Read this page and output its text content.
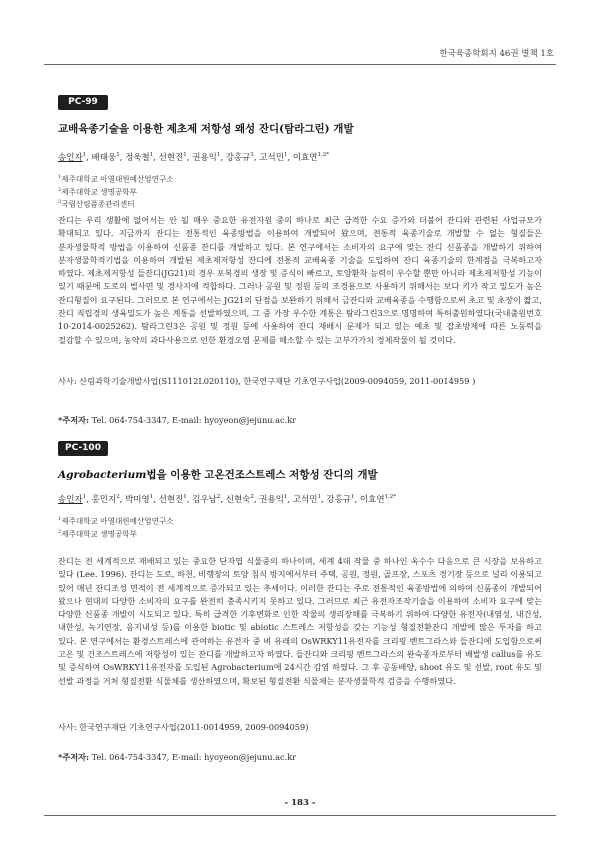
한국육종학회지 46권 별책 1호
PC-99
교배육종기술을 이용한 제초제 저항성 왜성 잔디(탐라그린) 개발
송인자$^1$, 배태웅$^1$, 정욱철$^1$, 선현진$^1$, 권용익$^1$, 강홍규$^1$, 고석민$^1$, 이효연$^{1,2*}$
$^1$제주대학교 아열대원예산업연구소
$^2$제주대학교 생명공학부
$^3$국립산림품종관리센터
잔디는 우리 생활에 없어서는 안 될 매우 중요한 유전자원 중의 하나로 최근 급격한 수요 증가와 더불어 잔디와 관련된 사업규모가 확대되고 있다. 지금까지 잔디는 전통적인 육종방법을 이용하여 개발되어 왔으며, 전통적 육종기술로 개발할 수 없는 형질들은 분자생물학적 방법을 이용하여 신품종 잔디를 개발하고 있다. 본 연구에서는 소비자의 요구에 맞는 잔디 신품종을 개발하기 위하여 분자생물학적기법을 이용하여 개발된 제초제저항성 잔디에 전통적 교배육종 기술을 도입하여 잔디 육종기술의 한계점을 극복하고자 하였다. 제초제저항성 들잔디(JG21)의 경우 포복경의 생장 및 증식이 빠르고, 토양환착 능력이 우수할 뿐만 아니라 제초제저항성 기능이 있기 때문에 도로의 법사면 및 경사지에 적합하다. 그러나 공원 및 정원 등의 조경용으로 사용하기 위해서는 보다 키가 작고 밀도가 높은 잔디형질이 요구된다. 그러므로 본 연구에서는 JG21의 단점을 보완하기 위해서 금잔디와 교배육종을 수행함으로써 초고 및 초장이 짧고, 잔디 직립경의 생육밀도가 높은 계통을 선발하였으며, 그 중 가장 우수한 계통은 탐라그린3으로 명명하여 특허출원하였다(국내출원번호 10-2014-0025262). 탐라그린3은 공원 및 정원 등에 사용하여 잔디 재배시 문제가 되고 있는 예초 및 잡초방제에 따른 노동력을 절감할 수 있으며, 농약의 과다사용으로 인한 환경오염 문제를 해소할 수 있는 고부가가치 경제작물이 될 것이다.
사사: 산림과학기술개발사업(S111012L020110), 한국연구재단 기초연구사업(2009-0094059, 2011-0014959 )
*주저자: Tel. 064-754-3347, E-mail: hyoyeon@jejunu.ac.kr
PC-100
Agrobacterium법을 이용한 고온건조스트레스 저항성 잔디의 개발
송인자$^1$, 홍민지$^2$, 박미영$^1$, 선현진$^1$, 김우남$^2$, 신현숙$^2$, 권용익$^1$, 고석민$^1$, 강홍규$^1$, 이효연$^{1,2*}$
$^1$제주대학교 아열대원예산업연구소
$^2$제주대학교 생명공학부
잔디는 전 세계적으로 재배되고 있는 중요한 단자엽 식물중의 하나이며, 세계 4대 작물 중 하나인 옥수수 다음으로 큰 시장을 보유하고 있다 (Lee. 1996). 잔디는 도로, 하천, 비행장의 토양 침식 방지에서부터 주택, 공원, 정원, 골프장, 스포츠 경기장 등으로 널리 이용되고 있어 매년 잔디조성 면적이 전 세계적으로 증가되고 있는 추세이다. 이러한 잔디는 주로 전통적인 육종방법에 의하여 신품종이 개발되어 왔으나 현대의 다양한 소비자의 요구를 완전히 충족시키지 못하고 있다. 그러므로 최근 유전자조작기술을 이용하여 소비자 요구에 맞는 다양한 신품종 개발이 시도되고 있다. 특히 급격한 기후변화로 인한 작물의 생리장해를 극복하기 위하여 다양한 유전자(내염성, 내건성, 내한성, 녹기연장, 음지내성 등)를 이용한 biotic 및 abiotic 스트레스 저항성을 갖는 기능성 형질전환잔디 개발에 많은 투자를 하고 있다. 본 연구에서는 환경스트레스에 관여하는 유전자 중 벼 유래의 OsWRKY11유전자를 크리핑 벤트그라스와 들잔디에 도입함으로써 고온 및 건조스트레스에 저항성이 있는 잔디를 개발하고자 하였다. 들잔디와 크리핑 벤트그라스의 완숙종자로부터 배발생 callus를 유도 및 증식하여 OsWRKY11유전자를 도입된 Agrobacterium에 24시간 감염 하였다. 그 후 공동배양, shoot 유도 및 선발, root 유도 및 선발 과정을 거쳐 형질전환 식물체를 생산하였으며, 확보된 형질전환 식물체는 분자생물학적 검증을 수행하였다.
사사: 한국연구재단 기초연구사업(2011-0014959, 2009-0094059)
*주저자: Tel. 064-754-3347, E-mail: hyoyeon@jejunu.ac.kr
- 183 -
